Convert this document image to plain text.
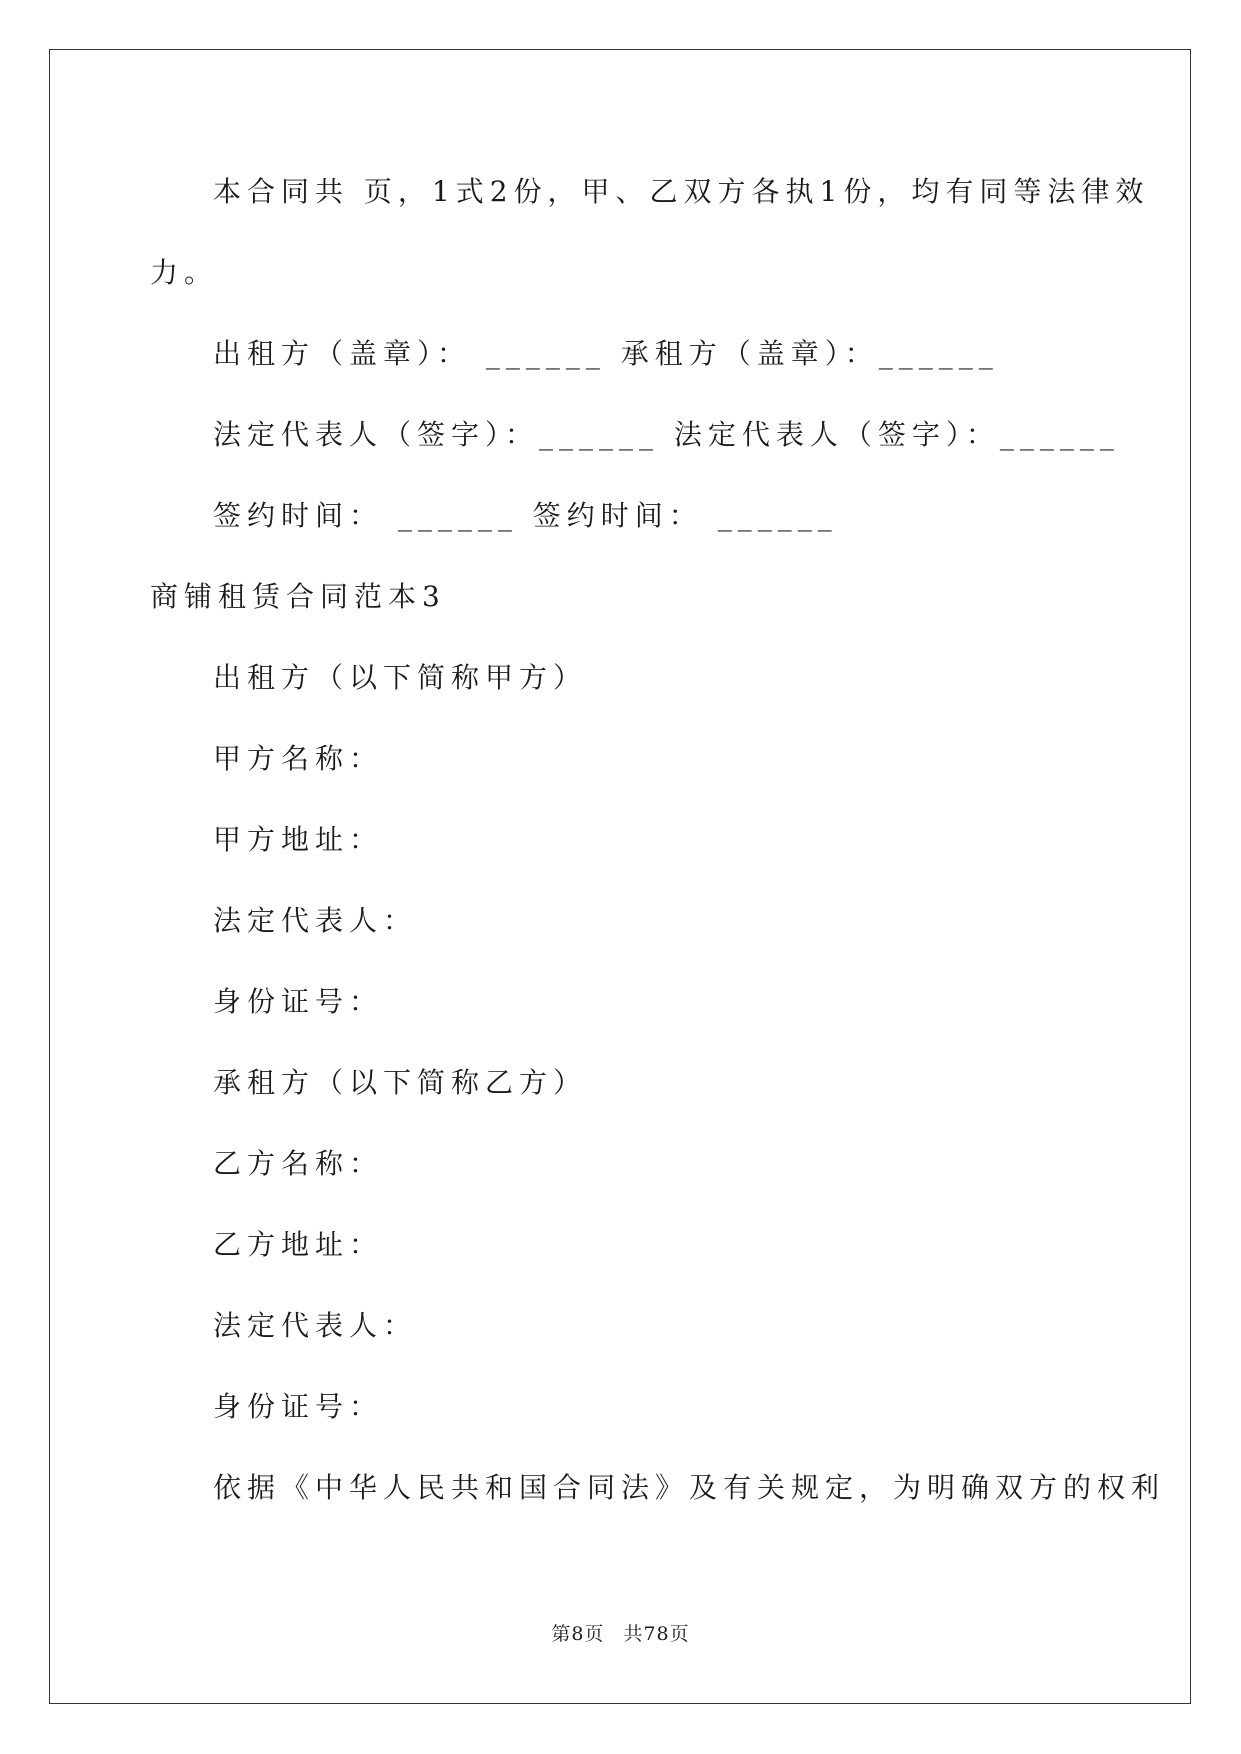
本合同共 页，1式2份，甲、乙双方各执1份，均有同等法律效
力。
出租方（盖章）： ______ 承租方（盖章）：______
法定代表人（签字）：______ 法定代表人（签字）：______
签约时间： ______ 签约时间： ______
商铺租赁合同范本3
出租方（以下简称甲方）
甲方名称：
甲方地址：
法定代表人：
身份证号：
承租方（以下简称乙方）
乙方名称：
乙方地址：
法定代表人：
身份证号：
依据《中华人民共和国合同法》及有关规定，为明确双方的权利
第8页 共78页
